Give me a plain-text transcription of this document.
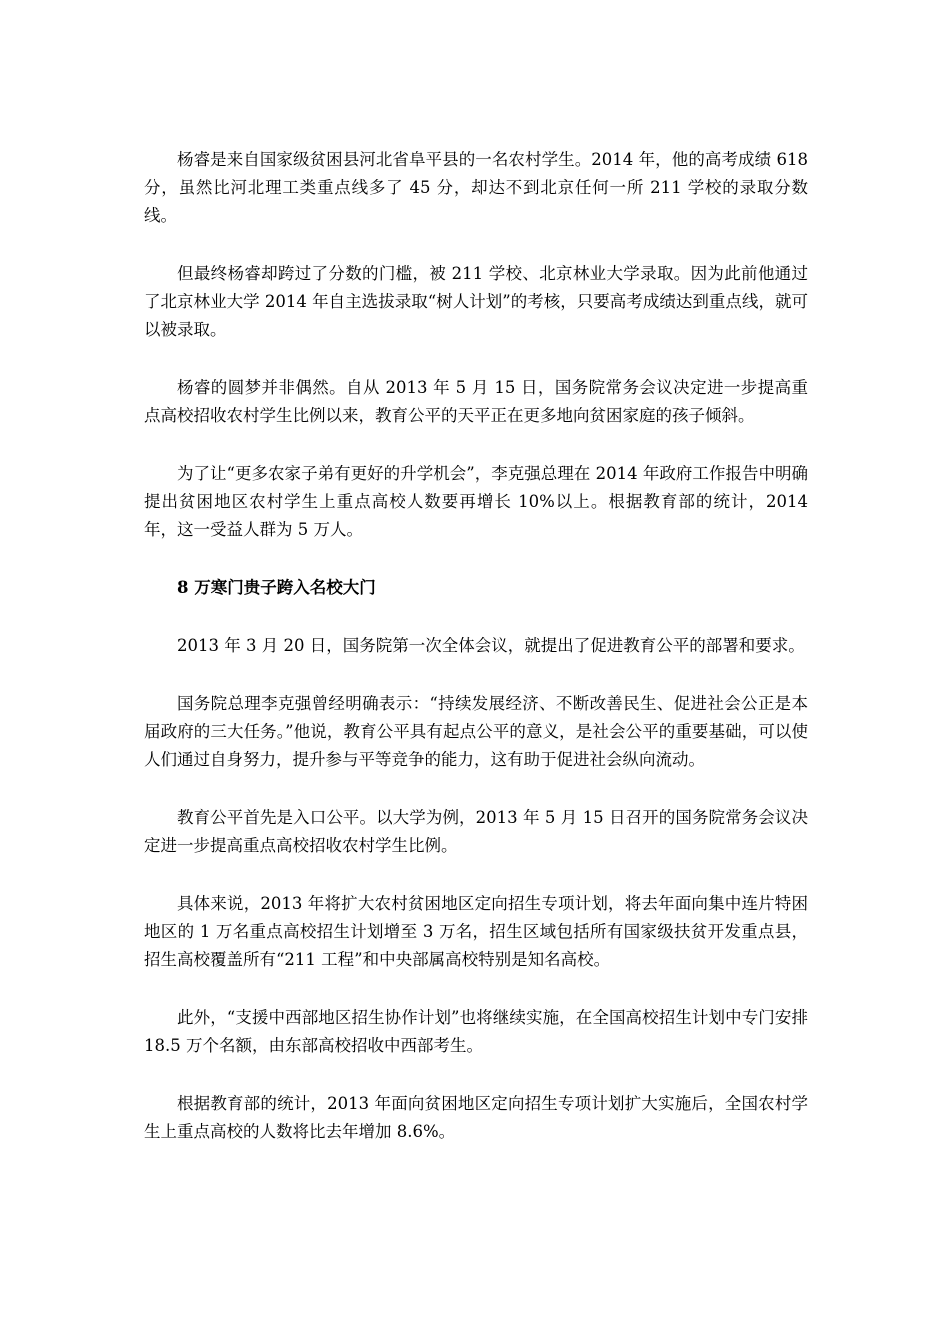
杨睿是来自国家级贫困县河北省阜平县的一名农村学生。2014 年，他的高考成绩 618 分，虽然比河北理工类重点线多了 45 分，却达不到北京任何一所 211 学校的录取分数线。

但最终杨睿却跨过了分数的门槛，被 211 学校、北京林业大学录取。因为此前他通过了北京林业大学 2014 年自主选拔录取“树人计划”的考核，只要高考成绩达到重点线，就可以被录取。

杨睿的圆梦并非偶然。自从 2013 年 5 月 15 日，国务院常务会议决定进一步提高重点高校招收农村学生比例以来，教育公平的天平正在更多地向贫困家庭的孩子倾斜。

为了让“更多农家子弟有更好的升学机会”，李克强总理在 2014 年政府工作报告中明确提出贫困地区农村学生上重点高校人数要再增长 10%以上。根据教育部的统计，2014 年，这一受益人群为 5 万人。

8 万寒门贵子跨入名校大门

2013 年 3 月 20 日，国务院第一次全体会议，就提出了促进教育公平的部署和要求。

国务院总理李克强曾经明确表示：“持续发展经济、不断改善民生、促进社会公正是本届政府的三大任务。”他说，教育公平具有起点公平的意义，是社会公平的重要基础，可以使人们通过自身努力，提升参与平等竞争的能力，这有助于促进社会纵向流动。

教育公平首先是入口公平。以大学为例，2013 年 5 月 15 日召开的国务院常务会议决定进一步提高重点高校招收农村学生比例。

具体来说，2013 年将扩大农村贫困地区定向招生专项计划，将去年面向集中连片特困地区的 1 万名重点高校招生计划增至 3 万名，招生区域包括所有国家级扶贫开发重点县，招生高校覆盖所有“211 工程”和中央部属高校特别是知名高校。

此外，“支援中西部地区招生协作计划”也将继续实施，在全国高校招生计划中专门安排 18.5 万个名额，由东部高校招收中西部考生。

根据教育部的统计，2013 年面向贫困地区定向招生专项计划扩大实施后，全国农村学生上重点高校的人数将比去年增加 8.6%。
